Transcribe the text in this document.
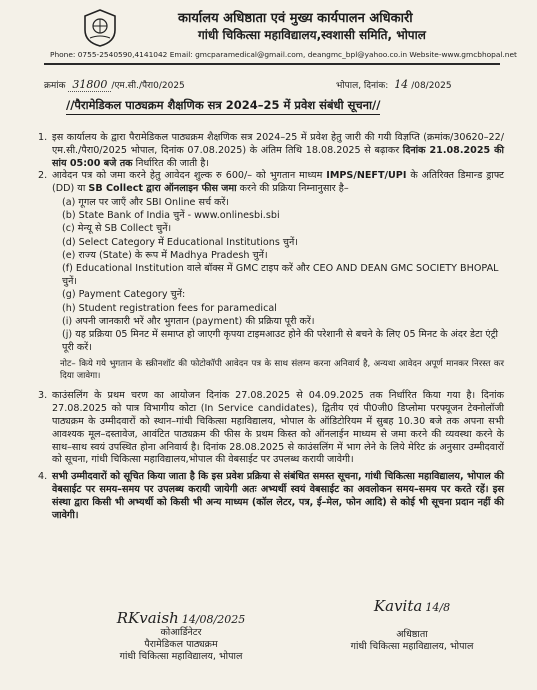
कार्यालय अधिष्ठाता एवं मुख्य कार्यपालन अधिकारी
गांधी चिकित्सा महाविद्यालय,स्वशासी समिति, भोपाल
Phone: 0755-2540590,4141042 Email: gmcparamedical@gmail.com, deangmc_bpl@yahoo.co.in Website-www.gmcbhopal.net
क्रमांक 31800 /एम.सी./पैरा0/2025	भोपाल, दिनांक: 14 /08/2025
//पैरामेडिकल पाठ्यक्रम शैक्षणिक सत्र 2024–25 में प्रवेश संबंधी सूचना//

1. इस कार्यालय के द्वारा पैरामेडिकल पाठ्यक्रम शैक्षणिक सत्र 2024–25 में प्रवेश हेतु जारी की गयी विज्ञप्ति (क्रमांक/30620–22/एम.सी./पैरा0/2025 भोपाल, दिनांक 07.08.2025) के अंतिम तिथि 18.08.2025 से बढ़ाकर दिनांक 21.08.2025 की सांय 05:00 बजे तक निर्धारित की जाती है।

2. आवेदन पत्र को जमा करने हेतु आवेदन शुल्क रु 600/– को भुगतान माध्यम IMPS/NEFT/UPI के अतिरिक्त डिमान्ड ड्राफ्ट (DD) या SB Collect द्वारा ऑनलाइन फीस जमा करने की प्रक्रिया निम्नानुसार है–

(a) गूगल पर जाएँ और SBI Online सर्च करें।

(b) State Bank of India चुनें - www.onlinesbi.sbi

(c) मेन्यू से SB Collect चुनें।

(d) Select Category में Educational Institutions चुनें।

(e) राज्य (State) के रूप में Madhya Pradesh चुनें।

(f) Educational Institution वाले बॉक्स में GMC टाइप करें और CEO AND DEAN GMC SOCIETY BHOPAL चुनें।

(g) Payment Category चुनें:

(h) Student registration fees for paramedical

(i) अपनी जानकारी भरें और भुगतान (payment) की प्रक्रिया पूरी करें।

(j) यह प्रक्रिया 05 मिनट में समाप्त हो जाएगी कृपया टाइमआउट होने की परेशानी से बचने के लिए 05 मिनट के अंदर डेटा एंट्री पूरी करें।

नोट– किये गये भुगतान के स्क्रीनशॉट की फोटोकॉपी आवेदन पत्र के साथ संलग्न करना अनिवार्य है, अन्यथा आवेदन अपूर्ण मानकर निरस्त कर दिया जावेगा।

3. काउंसलिंग के प्रथम चरण का आयोजन दिनांक 27.08.2025 से 04.09.2025 तक निर्धारित किया गया है। दिनांक 27.08.2025 को पात्र विभागीय कोटा (In Service candidates), द्वितीय एवं पी0जी0 डिप्लोमा परफ्यूजन टेक्नोलॉजी पाठ्यक्रम के उम्मीदवारों को स्थान–गांधी चिकित्सा महाविद्यालय, भोपाल के ऑडिटोरियम में सुबह 10.30 बजे तक अपना सभी आवश्यक मूल–दस्तावेज, आवंटित पाठ्यक्रम की फीस के प्रथम किस्त को ऑनलाईन माध्यम से जमा करने की व्यवस्था करने के साथ–साथ स्वयं उपस्थित होना अनिवार्य है। दिनांक 28.08.2025 से काउंसलिंग में भाग लेने के लिये मेरिट क्रं अनुसार उम्मीदवारों को सूचना, गांधी चिकित्सा महाविद्यालय,भोपाल की वेबसाईट पर उपलब्ध करायी जावेगी।

4. सभी उम्मीदवारों को सूचित किया जाता है कि इस प्रवेश प्रक्रिया से संबंधित समस्त सूचना, गांधी चिकित्सा महाविद्यालय, भोपाल की वेबसाईट पर समय–समय पर उपलब्ध करायी जायेगी अतः अभ्यर्थी स्वयं वेबसाईट का अवलोकन समय–समय पर करते रहें। इस संस्था द्वारा किसी भी अभ्यर्थी को किसी भी अन्य माध्यम (कॉल लेटर, पत्र, ई–मेल, फोन आदि) से कोई भी सूचना प्रदान नहीं की जावेगी।

RKvaish 14/08/2025
कोआर्डिनेटर
पैरामेडिकल पाठ्यक्रम
गांधी चिकित्सा महाविद्यालय, भोपाल
Kavita 14/8
अधिष्ठाता
गांधी चिकित्सा महाविद्यालय, भोपाल
